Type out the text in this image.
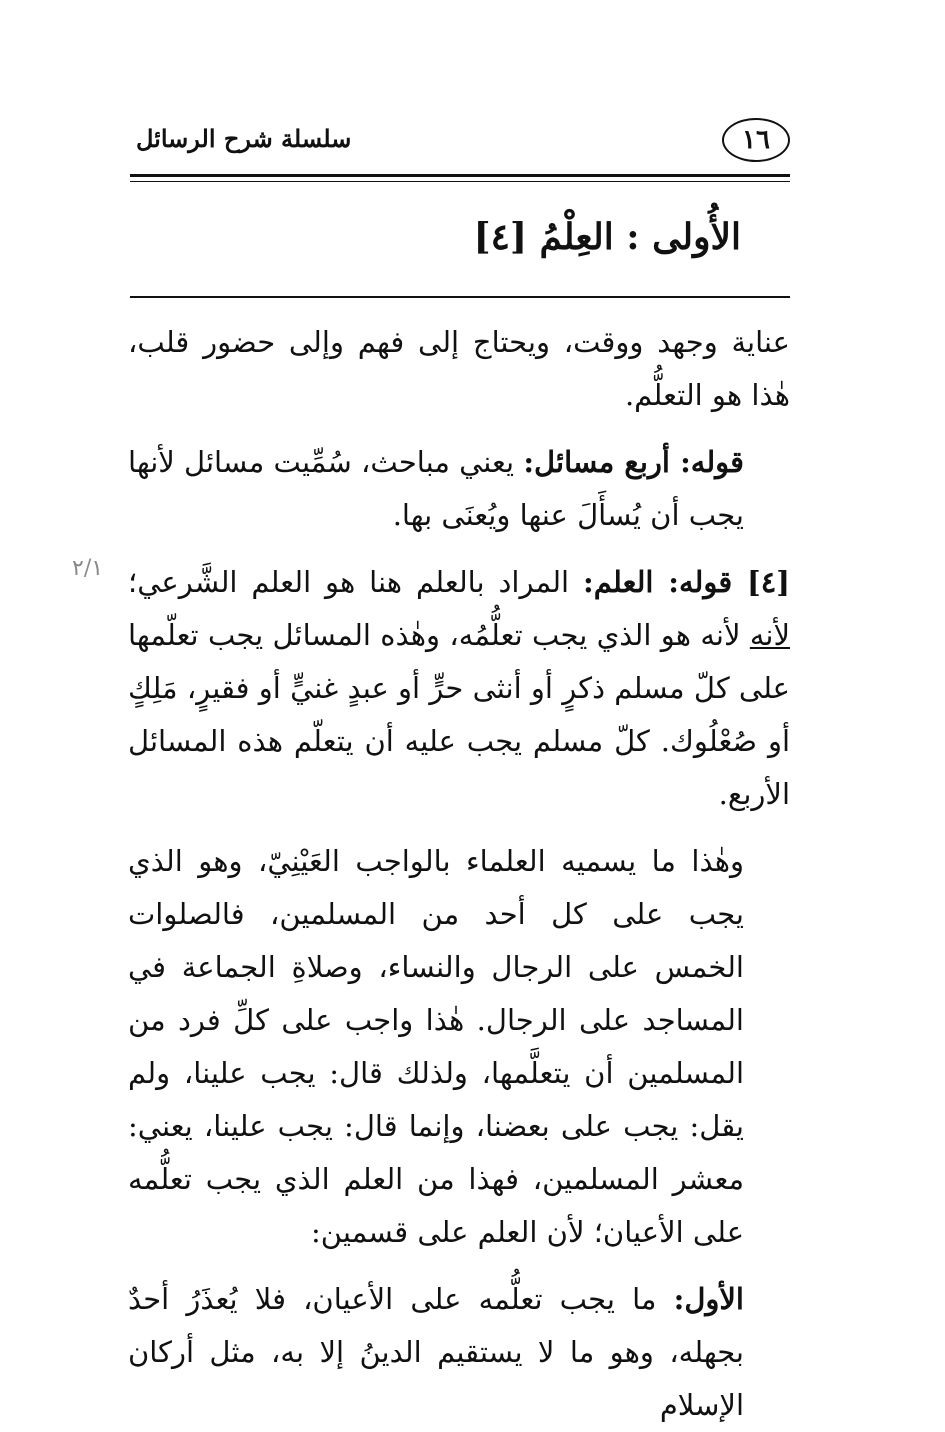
سلسلة شرح الرسائل	١٦
الأُولى : العِلْمُ [٤]
٢/١

عناية وجهد ووقت، ويحتاج إلى فهم وإلى حضور قلب، هٰذا هو التعلُّم.

قوله: أربع مسائل: يعني مباحث، سُمِّيت مسائل لأنها يجب أن يُسأَلَ عنها ويُعنَى بها.

[٤] قوله: العلم: المراد بالعلم هنا هو العلم الشَّرعي؛ لأنه لأنه هو الذي يجب تعلُّمُه، وهٰذه المسائل يجب تعلّمها على كلّ مسلم ذكرٍ أو أنثى حرٍّ أو عبدٍ غنيٍّ أو فقيرٍ، مَلِكٍ أو صُعْلُوك. كلّ مسلم يجب عليه أن يتعلّم هذه المسائل الأربع.

وهٰذا ما يسميه العلماء بالواجب العَيْنِيّ، وهو الذي يجب على كل أحد من المسلمين، فالصلوات الخمس على الرجال والنساء، وصلاةِ الجماعة في المساجد على الرجال. هٰذا واجب على كلِّ فرد من المسلمين أن يتعلَّمها، ولذلك قال: يجب علينا، ولم يقل: يجب على بعضنا، وإنما قال: يجب علينا، يعني: معشر المسلمين، فهذا من العلم الذي يجب تعلُّمه على الأعيان؛ لأن العلم على قسمين:

الأول: ما يجب تعلُّمه على الأعيان، فلا يُعذَرُ أحدٌ بجهله، وهو ما لا يستقيم الدينُ إلا به، مثل أركان الإسلام
